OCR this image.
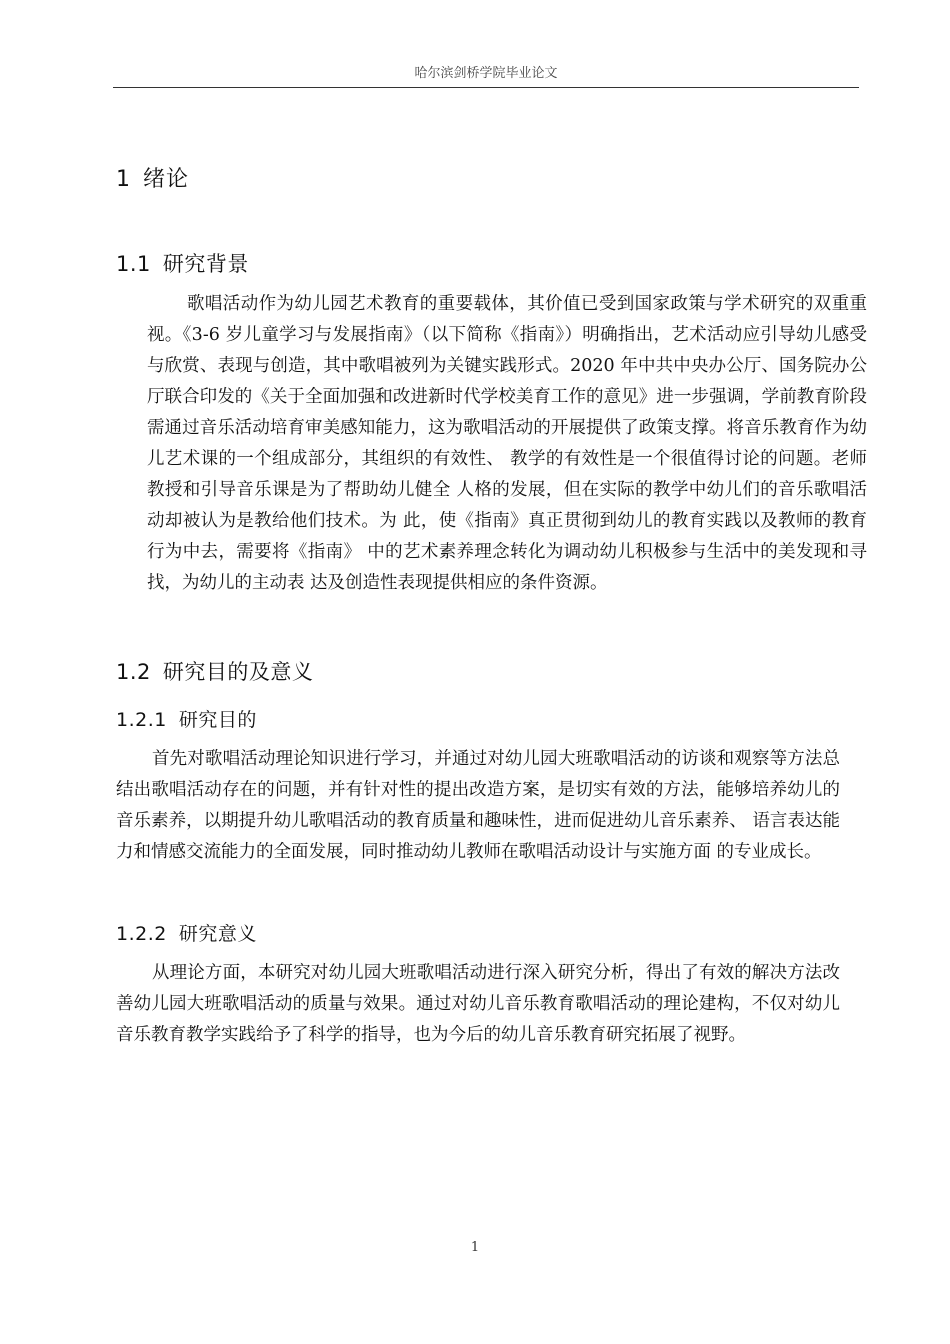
哈尔滨剑桥学院毕业论文
1 绪论
1.1 研究背景

歌唱活动作为幼儿园艺术教育的重要载体，其价值已受到国家政策与学术研究的双重重视。《3-6 岁儿童学习与发展指南》（以下简称《指南》）明确指出，艺术活动应引导幼儿感受与欣赏、表现与创造，其中歌唱被列为关键实践形式。2020 年中共中央办公厅、国务院办公厅联合印发的《关于全面加强和改进新时代学校美育工作的意见》进一步强调，学前教育阶段需通过音乐活动培育审美感知能力，这为歌唱活动的开展提供了政策支撑。将音乐教育作为幼儿艺术课的一个组成部分，其组织的有效性、 教学的有效性是一个很值得讨论的问题。老师教授和引导音乐课是为了帮助幼儿健全 人格的发展，但在实际的教学中幼儿们的音乐歌唱活动却被认为是教给他们技术。为 此，使《指南》真正贯彻到幼儿的教育实践以及教师的教育行为中去，需要将《指南》 中的艺术素养理念转化为调动幼儿积极参与生活中的美发现和寻找，为幼儿的主动表 达及创造性表现提供相应的条件资源。

1.2 研究目的及意义
1.2.1 研究目的

首先对歌唱活动理论知识进行学习，并通过对幼儿园大班歌唱活动的访谈和观察等方法总结出歌唱活动存在的问题，并有针对性的提出改造方案，是切实有效的方法，能够培养幼儿的音乐素养，以期提升幼儿歌唱活动的教育质量和趣味性，进而促进幼儿音乐素养、 语言表达能力和情感交流能力的全面发展，同时推动幼儿教师在歌唱活动设计与实施方面 的专业成长。

1.2.2 研究意义

从理论方面，本研究对幼儿园大班歌唱活动进行深入研究分析，得出了有效的解决方法改善幼儿园大班歌唱活动的质量与效果。通过对幼儿音乐教育歌唱活动的理论建构，不仅对幼儿音乐教育教学实践给予了科学的指导，也为今后的幼儿音乐教育研究拓展了视野。

1
